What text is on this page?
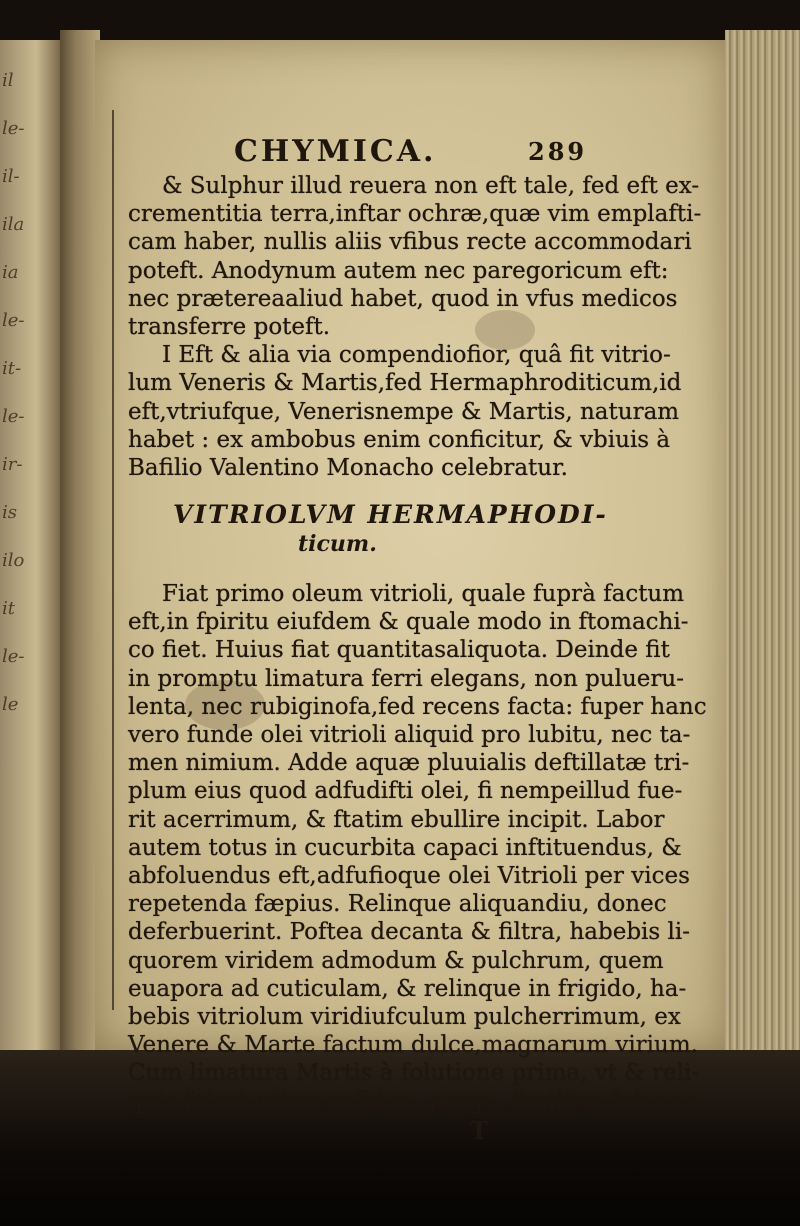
il
le-
il-
ila
ia
le-
it-
le-
ir-
is
ilo
it
le-
le
CHYMICA.	289
& Sulphur illud reuera non eft tale, fed eft ex-
crementitia terra,inftar ochræ,quæ vim emplafti-
cam haber, nullis aliis vfibus recte accommodari
poteft. Anodynum autem nec paregoricum eft:
nec prætereaaliud habet, quod in vfus medicos
transferre poteft.
I Eft & alia via compendiofior, quâ fit vitrio-
lum Veneris & Martis,fed Hermaphroditicum,id
eft,vtriufque, Venerisnempe & Martis, naturam
habet : ex ambobus enim conficitur, & vbiuis à
Bafilio Valentino Monacho celebratur.
VITRIOLVM HERMAPHODI-
ticum.
Fiat primo oleum vitrioli, quale fuprà factum
eft,in fpiritu eiufdem & quale modo in ftomachi-
co fiet. Huius fiat quantitasaliquota. Deinde fit
in promptu limatura ferri elegans, non pulueru-
lenta, nec rubiginofa,fed recens facta: fuper hanc
vero funde olei vitrioli aliquid pro lubitu, nec ta-
men nimium. Adde aquæ pluuialis deftillatæ tri-
plum eius quod adfudifti olei, fi nempeillud fue-
rit acerrimum, & ftatim ebullire incipit. Labor
autem totus in cucurbita capaci inftituendus, &
abfoluendus eft,adfufioque olei Vitrioli per vices
repetenda fæpius. Relinque aliquandiu, donec
deferbuerint. Poftea decanta & filtra, habebis li-
quorem viridem admodum & pulchrum, quem
euapora ad cuticulam, & relinque in frigido, ha-
bebis vitriolum viridiufculum pulcherrimum, ex
Venere & Marte factum dulce,magnarum virium.
Cum limatura Martis à folutione prima, vt & reli-
quis folutionibus refiduu, perge, fimiliter foluens
T
